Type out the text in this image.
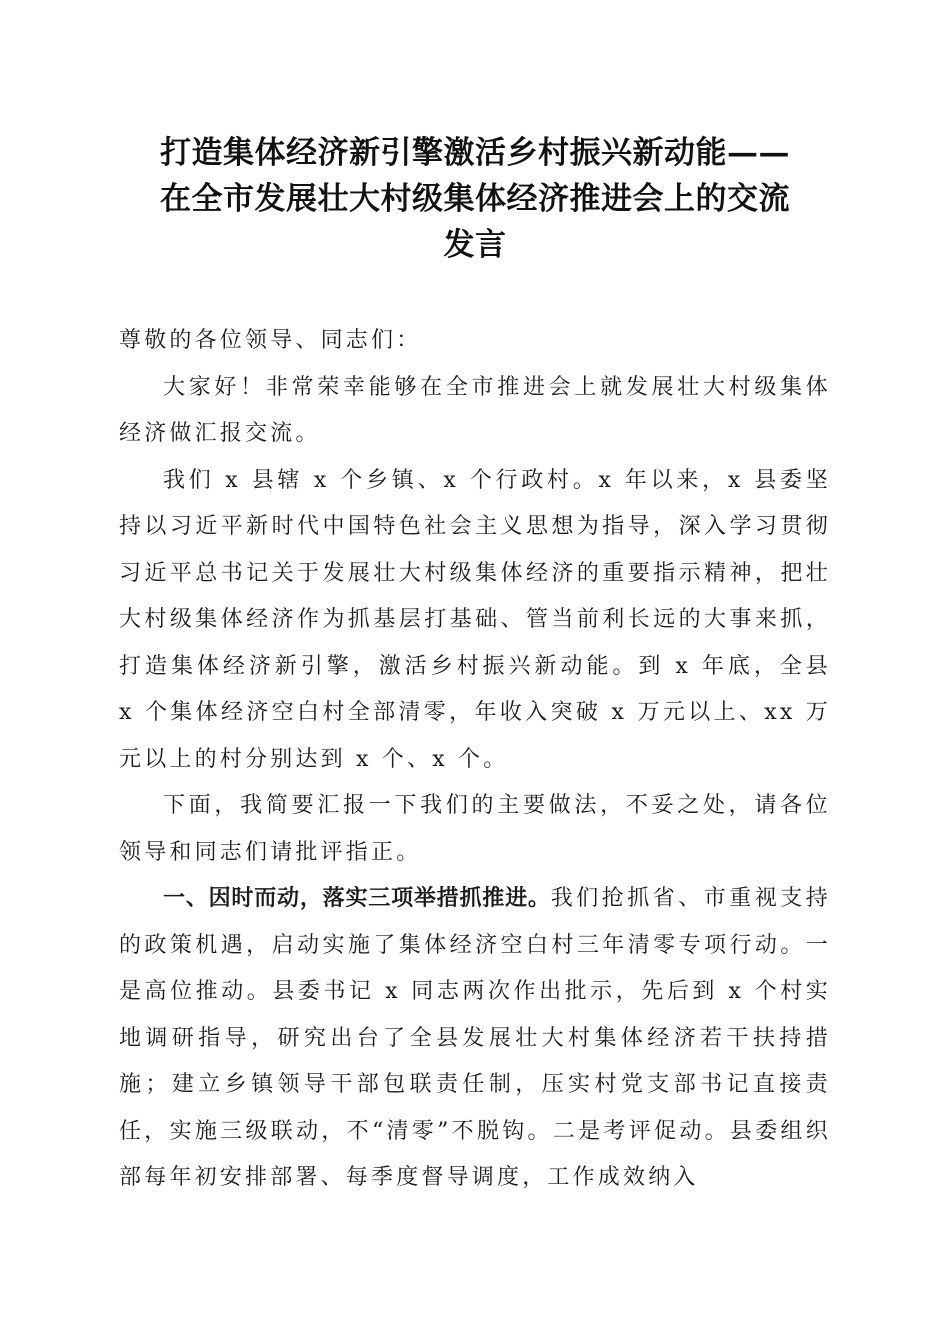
打造集体经济新引擎激活乡村振兴新动能——
在全市发展壮大村级集体经济推进会上的交流
发言

尊敬的各位领导、同志们：

大家好！非常荣幸能够在全市推进会上就发展壮大村级集体经济做汇报交流。

我们 x 县辖 x 个乡镇、x 个行政村。x 年以来，x 县委坚持以习近平新时代中国特色社会主义思想为指导，深入学习贯彻习近平总书记关于发展壮大村级集体经济的重要指示精神，把壮大村级集体经济作为抓基层打基础、管当前利长远的大事来抓，打造集体经济新引擎，激活乡村振兴新动能。到 x 年底，全县 x 个集体经济空白村全部清零，年收入突破 x 万元以上、xx 万元以上的村分别达到 x 个、x 个。

下面，我简要汇报一下我们的主要做法，不妥之处，请各位领导和同志们请批评指正。

一、因时而动，落实三项举措抓推进。我们抢抓省、市重视支持的政策机遇，启动实施了集体经济空白村三年清零专项行动。一是高位推动。县委书记 x 同志两次作出批示，先后到 x 个村实地调研指导，研究出台了全县发展壮大村集体经济若干扶持措施；建立乡镇领导干部包联责任制，压实村党支部书记直接责任，实施三级联动，不“清零”不脱钩。二是考评促动。县委组织部每年初安排部署、每季度督导调度，工作成效纳入
